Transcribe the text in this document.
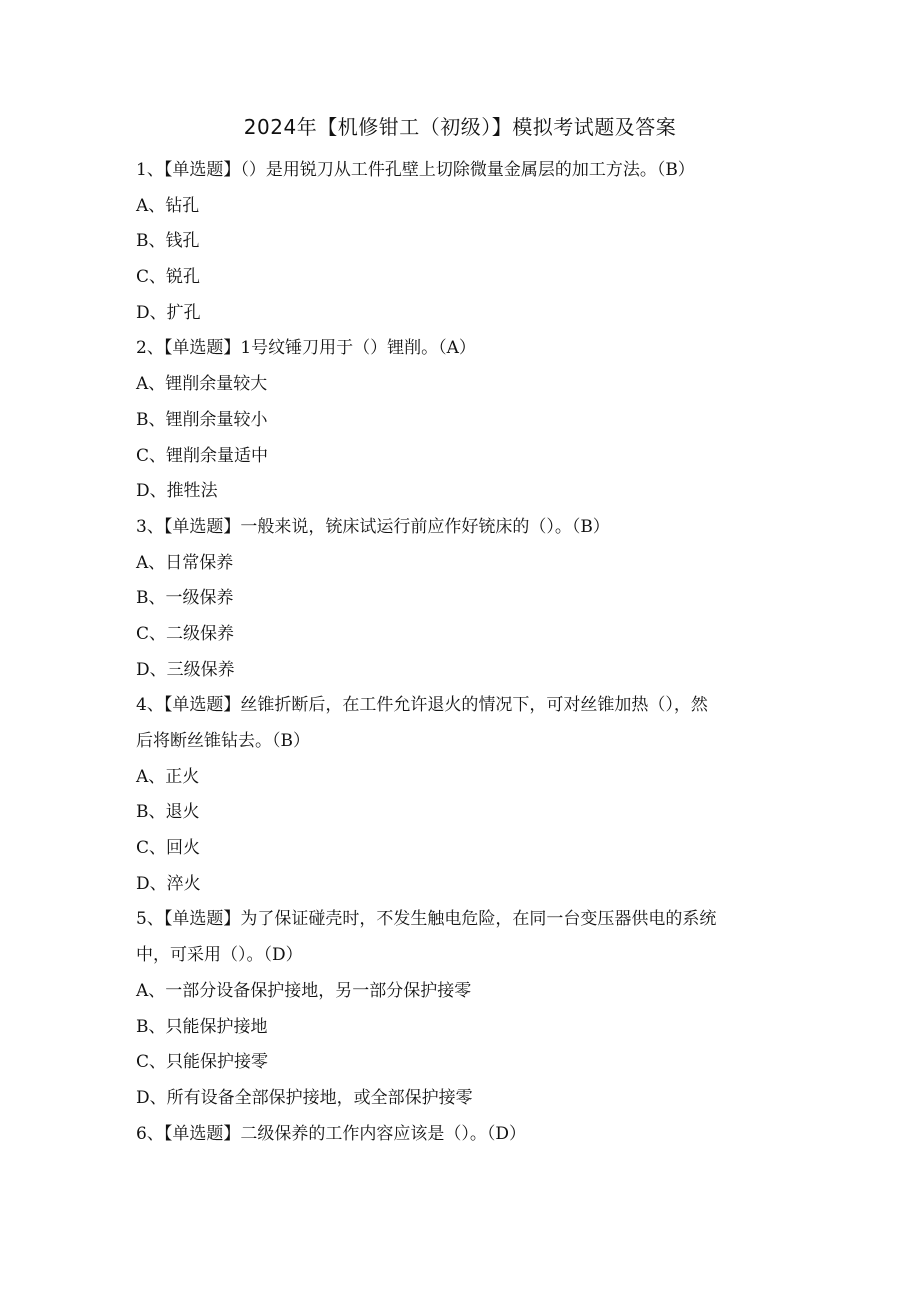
2024年【机修钳工（初级）】模拟考试题及答案
1、【单选题】（）是用锐刀从工件孔壁上切除微量金属层的加工方法。（B）
A、钻孔
B、钱孔
C、锐孔
D、扩孔
2、【单选题】1号纹锤刀用于（）锂削。（A）
A、锂削余量较大
B、锂削余量较小
C、锂削余量适中
D、推牲法
3、【单选题】一般来说，铳床试运行前应作好铳床的（）。（B）
A、日常保养
B、一级保养
C、二级保养
D、三级保养
4、【单选题】丝锥折断后，在工件允许退火的情况下，可对丝锥加热（），然
后将断丝锥钻去。（B）
A、正火
B、退火
C、回火
D、淬火
5、【单选题】为了保证碰壳时，不发生触电危险，在同一台变压器供电的系统
中，可采用（）。（D）
A、一部分设备保护接地，另一部分保护接零
B、只能保护接地
C、只能保护接零
D、所有设备全部保护接地，或全部保护接零
6、【单选题】二级保养的工作内容应该是（）。（D）
